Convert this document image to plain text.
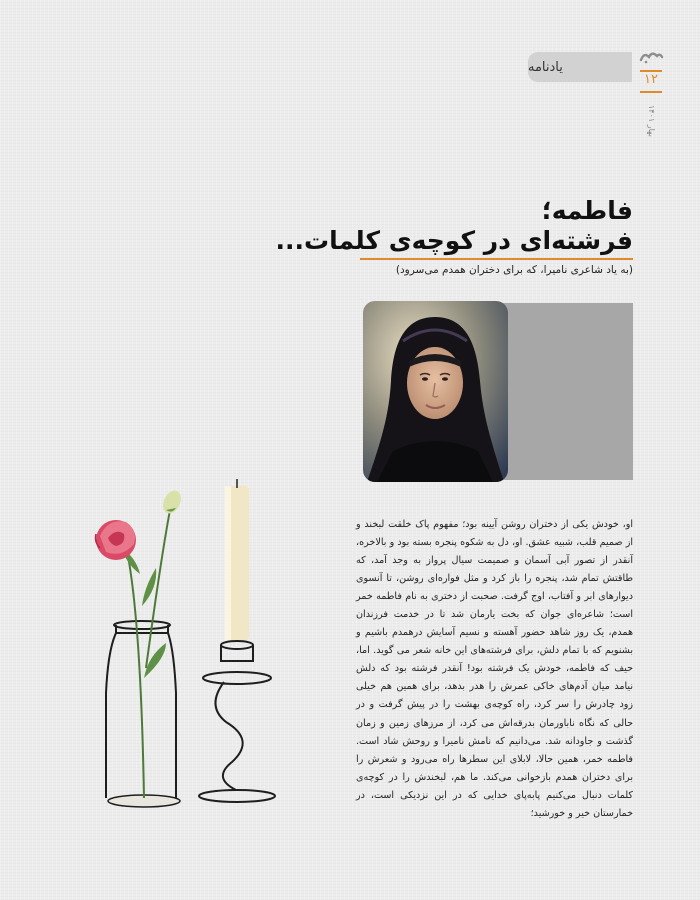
یادنامه
۱۲
بهار ۱۴۰۱
فاطمه؛
فرشته‌ای در کوچه‌ی کلمات...
(به یاد شاعری نامیرا، که برای دختران همدم می‌سرود)

او، خودش یکی از دختران روشن آیینه بود؛ مفهوم پاک خلقت لبخند و از صمیم قلب، شبیه عشق. او، دل به شکوه پنجره بسته بود و بالاخره، آنقدر از تصور آبی آسمان و صمیمت سیال پرواز به وجد آمد، که طاقتش تمام شد، پنجره را باز کرد و مثل فواره‌ای روشن، تا آنسوی دیوارهای ابر و آفتاب، اوج گرفت. صحبت از دختری به نام فاطمه خمر است؛ شاعره‌ای جوان که بخت یارمان شد تا در خدمت فرزندان همدم، یک روز شاهد حضور آهسته و نسیم آسایش درهمدم باشیم و بشنویم که با تمام دلش، برای فرشته‌های این خانه شعر می گوید. اما، حیف که فاطمه، خودش یک فرشته بود! آنقدر فرشته بود که دلش نیامد میان آدم‌های خاکی عمرش را هدر بدهد، برای همین هم خیلی زود چادرش را سر کرد، راه کوچه‌ی بهشت را در پیش گرفت و در حالی که نگاه ناباورمان بدرقه‌اش می کرد، از مرزهای زمین و زمان گذشت و جاودانه شد. می‌دانیم که نامش نامیرا و روحش شاد است. فاطمه خمر، همین حالا، لابلای این سطرها راه می‌رود و شعرش را برای دختران همدم بازخوانی می‌کند. ما هم، لبخندش را در کوچه‌ی کلمات دنبال می‌کنیم پابه‌پای خدایی که در این نزدیکی است، در خمارستان خیر و خورشید؛
